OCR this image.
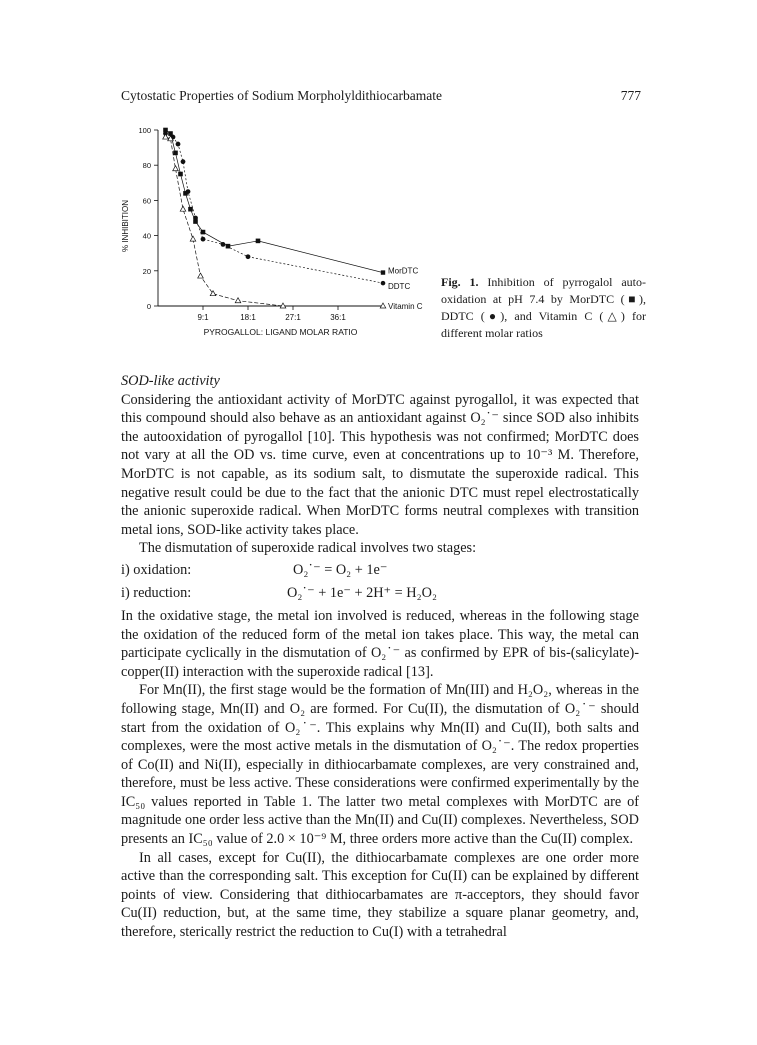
Cytostatic Properties of Sodium Morpholyldithiocarbamate	777
0
20
40
60
80
100
9:1	18:1	27:1	36:1
PYROGALLOL: LIGAND MOLAR RATIO
% INHIBITION
MorDTC
DDTC
Vitamin C
Fig. 1. Inhibition of pyrrogalol auto-oxidation at pH 7.4 by MorDTC (■), DDTC (●), and Vitamin C (△) for different molar ratios

SOD-like activity

Considering the antioxidant activity of MorDTC against pyrogallol, it was expected that this compound should also behave as an antioxidant against O₂˙⁻ since SOD also inhibits the autooxidation of pyrogallol [10]. This hypothesis was not confirmed; MorDTC does not vary at all the OD vs. time curve, even at concentrations up to 10⁻³ M. Therefore, MorDTC is not capable, as its sodium salt, to dismutate the superoxide radical. This negative result could be due to the fact that the anionic DTC must repel electrostatically the anionic superoxide radical. When MorDTC forms neutral complexes with transition metal ions, SOD-like activity takes place.

The dismutation of superoxide radical involves two stages:

i) oxidation:	O₂˙⁻ = O₂ + 1e⁻
i) reduction:	O₂˙⁻ + 1e⁻ + 2H⁺ = H₂O₂

In the oxidative stage, the metal ion involved is reduced, whereas in the following stage the oxidation of the reduced form of the metal ion takes place. This way, the metal can participate cyclically in the dismutation of O₂˙⁻ as confirmed by EPR of bis-(salicylate)-copper(II) interaction with the superoxide radical [13].

For Mn(II), the first stage would be the formation of Mn(III) and H₂O₂, whereas in the following stage, Mn(II) and O₂ are formed. For Cu(II), the dismutation of O₂˙⁻ should start from the oxidation of O₂˙⁻. This explains why Mn(II) and Cu(II), both salts and complexes, were the most active metals in the dismutation of O₂˙⁻. The redox properties of Co(II) and Ni(II), especially in dithiocarbamate complexes, are very constrained and, therefore, must be less active. These considerations were confirmed experimentally by the IC₅₀ values reported in Table 1. The latter two metal complexes with MorDTC are of magnitude one order less active than the Mn(II) and Cu(II) complexes. Nevertheless, SOD presents an IC₅₀ value of 2.0 × 10⁻⁹ M, three orders more active than the Cu(II) complex.

In all cases, except for Cu(II), the dithiocarbamate complexes are one order more active than the corresponding salt. This exception for Cu(II) can be explained by different points of view. Considering that dithiocarbamates are π-acceptors, they should favor Cu(II) reduction, but, at the same time, they stabilize a square planar geometry, and, therefore, sterically restrict the reduction to Cu(I) with a tetrahedral
